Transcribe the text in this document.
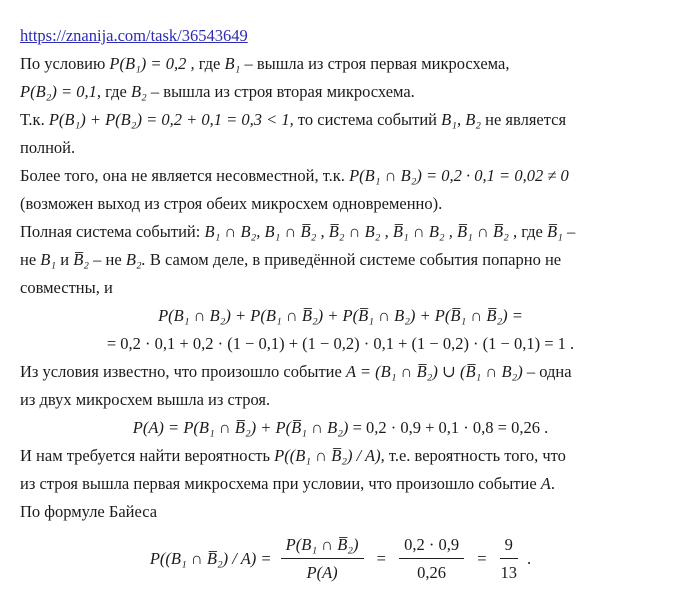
https://znanija.com/task/36543649
По условию P(B₁) = 0,2 , где B₁ – вышла из строя первая микросхема,
P(B₂) = 0,1, где B₂ – вышла из строя вторая микросхема.
Т.к. P(B₁) + P(B₂) = 0,2 + 0,1 = 0,3 < 1, то система событий B₁, B₂ не является
полной.
Более того, она не является несовместной, т.к. P(B₁ ∩ B₂) = 0,2 · 0,1 = 0,02 ≠ 0
(возможен выход из строя обеих микросхем одновременно).
Полная система событий: B₁ ∩ B₂, B₁ ∩ B̅₂ , B̅₂ ∩ B₂ , B̅₁ ∩ B₂ , B̅₁ ∩ B̅₂ , где B̅₁ –
не B₁ и B̅₂ – не B₂. В самом деле, в приведённой системе события попарно не
совместны, и
P(B₁ ∩ B₂) + P(B₁ ∩ B̅₂) + P(B̅₁ ∩ B₂) + P(B̅₁ ∩ B̅₂) =
= 0,2 · 0,1 + 0,2 · (1 − 0,1) + (1 − 0,2) · 0,1 + (1 − 0,2) · (1 − 0,1) = 1 .
Из условия известно, что произошло событие A = (B₁ ∩ B̅₂) ∪ (B̅₁ ∩ B₂) – одна
из двух микросхем вышла из строя.
P(A) = P(B₁ ∩ B̅₂) + P(B̅₁ ∩ B₂) = 0,2 · 0,9 + 0,1 · 0,8 = 0,26 .
И нам требуется найти вероятность P((B₁ ∩ B̅₂) / A), т.е. вероятность того, что
из строя вышла первая микросхема при условии, что произошло событие A.
По формуле Байеса
P((B₁ ∩ B̅₂) / $A) = \frac{\text{P(B₁ ∩ B̅₂)}}{P(A)} = \frac{0,2 \cdot 0,9}{0,26} = \frac{9}{13}$ .
